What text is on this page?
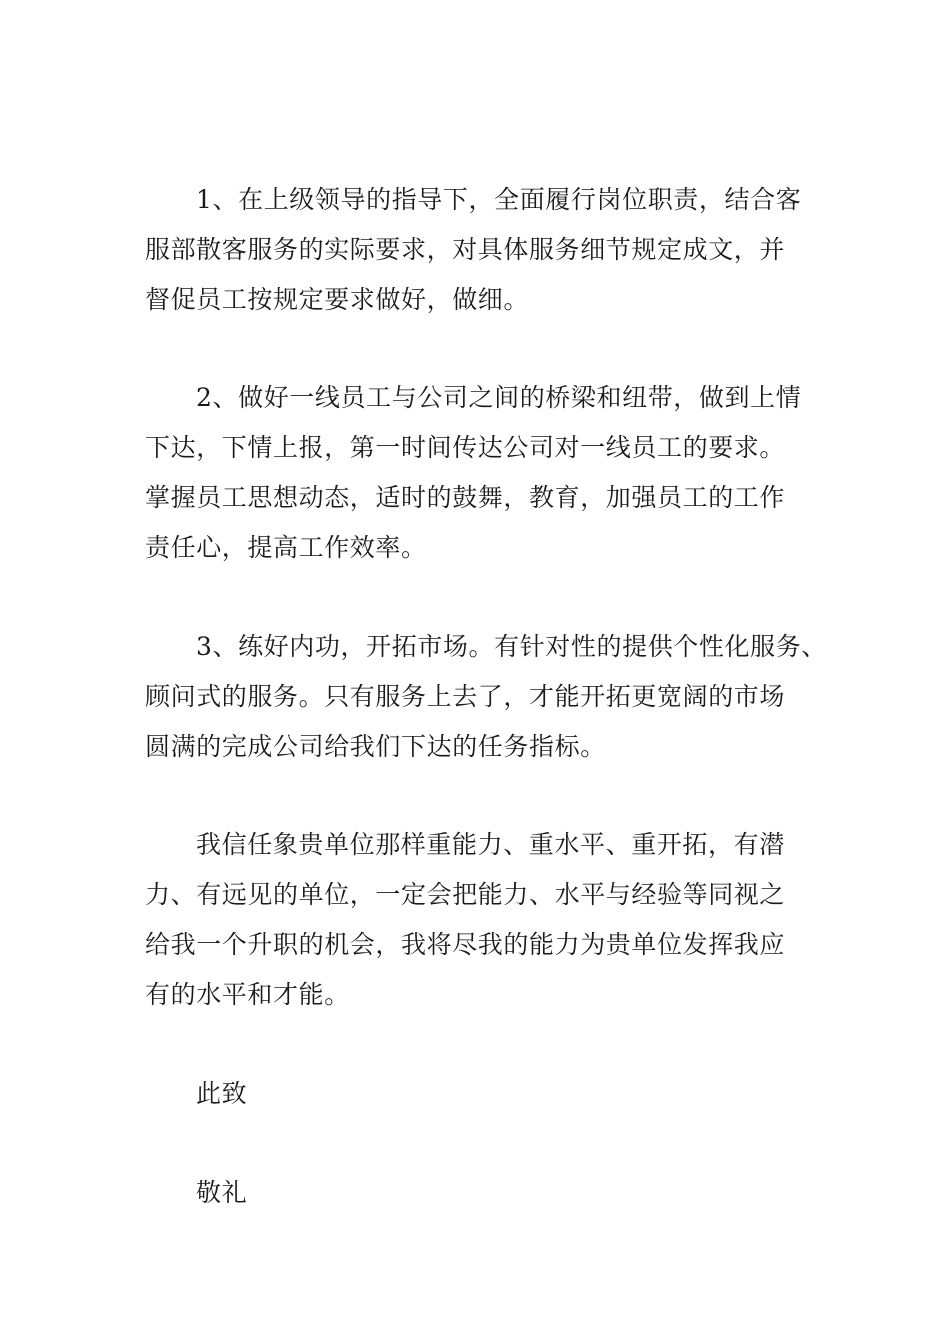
1、在上级领导的指导下，全面履行岗位职责，结合客
服部散客服务的实际要求，对具体服务细节规定成文，并
督促员工按规定要求做好，做细。
2、做好一线员工与公司之间的桥梁和纽带，做到上情
下达，下情上报，第一时间传达公司对一线员工的要求。
掌握员工思想动态，适时的鼓舞，教育，加强员工的工作
责任心，提高工作效率。
3、练好内功，开拓市场。有针对性的提供个性化服务、
顾问式的服务。只有服务上去了，才能开拓更宽阔的市场
圆满的完成公司给我们下达的任务指标。
我信任象贵单位那样重能力、重水平、重开拓，有潜
力、有远见的单位，一定会把能力、水平与经验等同视之
给我一个升职的机会，我将尽我的能力为贵单位发挥我应
有的水平和才能。
此致
敬礼
